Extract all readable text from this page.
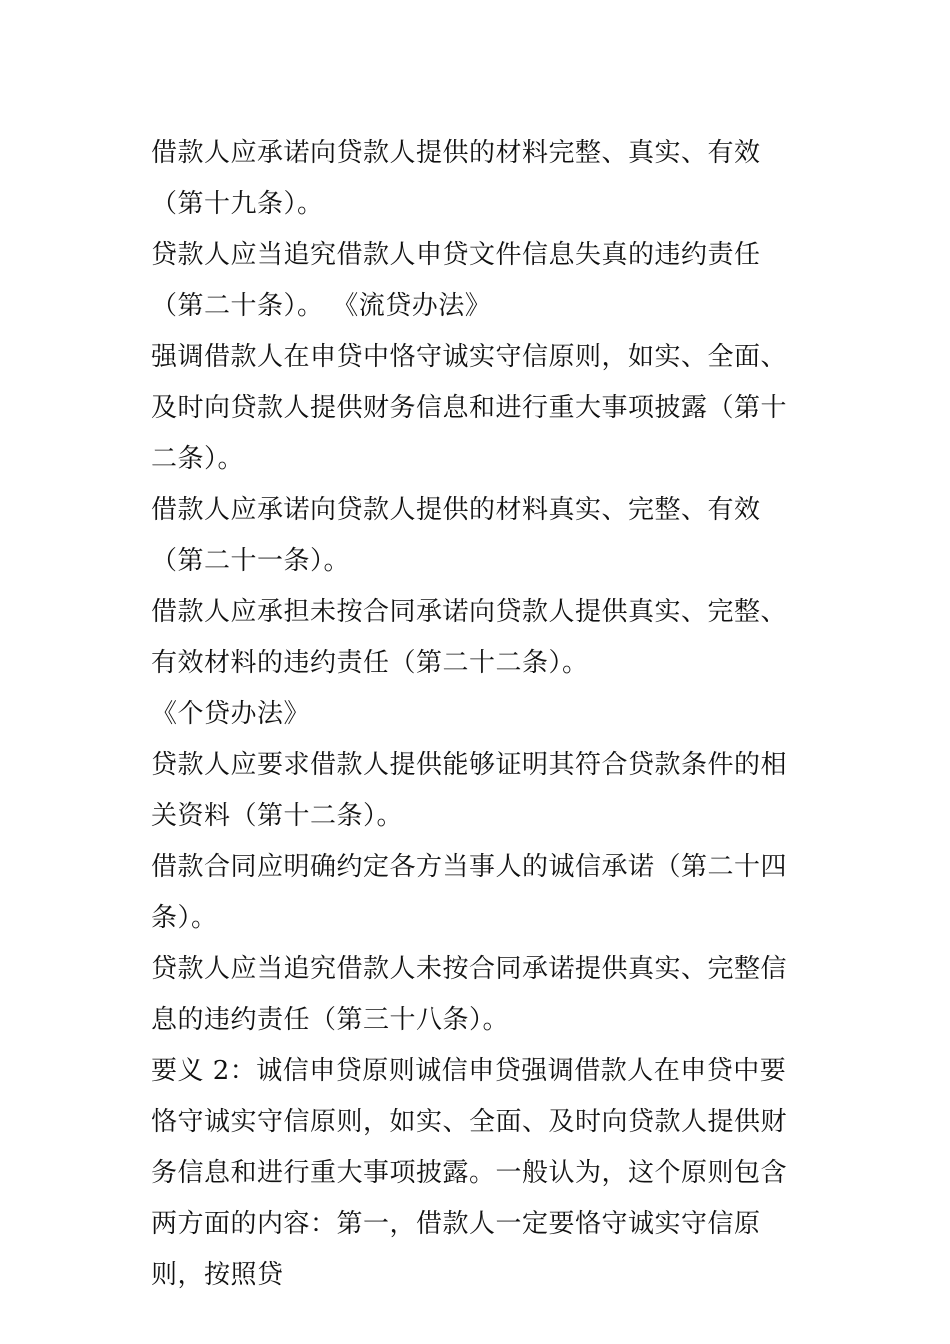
借款人应承诺向贷款人提供的材料完整、真实、有效（第十九条）。

贷款人应当追究借款人申贷文件信息失真的违约责任（第二十条）。 《流贷办法》

强调借款人在申贷中恪守诚实守信原则，如实、全面、及时向贷款人提供财务信息和进行重大事项披露（第十二条）。

借款人应承诺向贷款人提供的材料真实、完整、有效（第二十一条）。

借款人应承担未按合同承诺向贷款人提供真实、完整、有效材料的违约责任（第二十二条）。

《个贷办法》

贷款人应要求借款人提供能够证明其符合贷款条件的相关资料（第十二条）。

借款合同应明确约定各方当事人的诚信承诺（第二十四条）。

贷款人应当追究借款人未按合同承诺提供真实、完整信息的违约责任（第三十八条）。

要义 2：诚信申贷原则诚信申贷强调借款人在申贷中要恪守诚实守信原则，如实、全面、及时向贷款人提供财务信息和进行重大事项披露。一般认为，这个原则包含两方面的内容：第一，借款人一定要恪守诚实守信原则，按照贷
